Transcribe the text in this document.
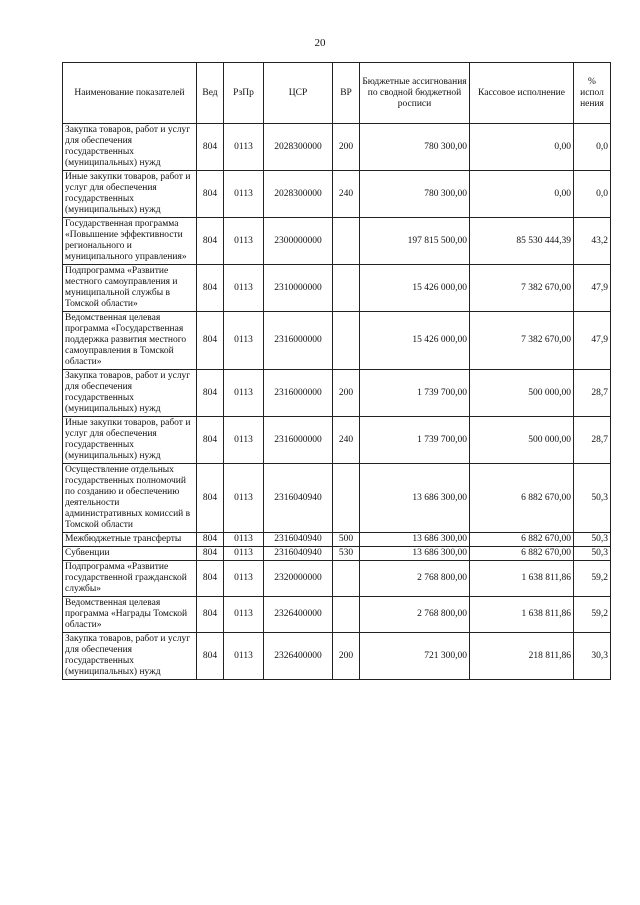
20
Наименование показателей	Вед	РзПр	ЦСР	ВР	Бюджетные ассигнования по сводной бюджетной росписи	Кассовое исполнение	% испол нения
Закупка товаров, работ и услуг для обеспечения государственных (муниципальных) нужд	804	0113	2028300000	200	780 300,00	0,00	0,0
Иные закупки товаров, работ и услуг для обеспечения государственных (муниципальных) нужд	804	0113	2028300000	240	780 300,00	0,00	0,0
Государственная программа «Повышение эффективности регионального и муниципального управления»	804	0113	2300000000		197 815 500,00	85 530 444,39	43,2
Подпрограмма «Развитие местного самоуправления и муниципальной службы в Томской области»	804	0113	2310000000		15 426 000,00	7 382 670,00	47,9
Ведомственная целевая программа «Государственная поддержка развития местного самоуправления в Томской области»	804	0113	2316000000		15 426 000,00	7 382 670,00	47,9
Закупка товаров, работ и услуг для обеспечения государственных (муниципальных) нужд	804	0113	2316000000	200	1 739 700,00	500 000,00	28,7
Иные закупки товаров, работ и услуг для обеспечения государственных (муниципальных) нужд	804	0113	2316000000	240	1 739 700,00	500 000,00	28,7
Осуществление отдельных государственных полномочий по созданию и обеспечению деятельности административных комиссий в Томской области	804	0113	2316040940		13 686 300,00	6 882 670,00	50,3
Межбюджетные трансферты	804	0113	2316040940	500	13 686 300,00	6 882 670,00	50,3
Субвенции	804	0113	2316040940	530	13 686 300,00	6 882 670,00	50,3
Подпрограмма «Развитие государственной гражданской службы»	804	0113	2320000000		2 768 800,00	1 638 811,86	59,2
Ведомственная целевая программа «Награды Томской области»	804	0113	2326400000		2 768 800,00	1 638 811,86	59,2
Закупка товаров, работ и услуг для обеспечения государственных (муниципальных) нужд	804	0113	2326400000	200	721 300,00	218 811,86	30,3
